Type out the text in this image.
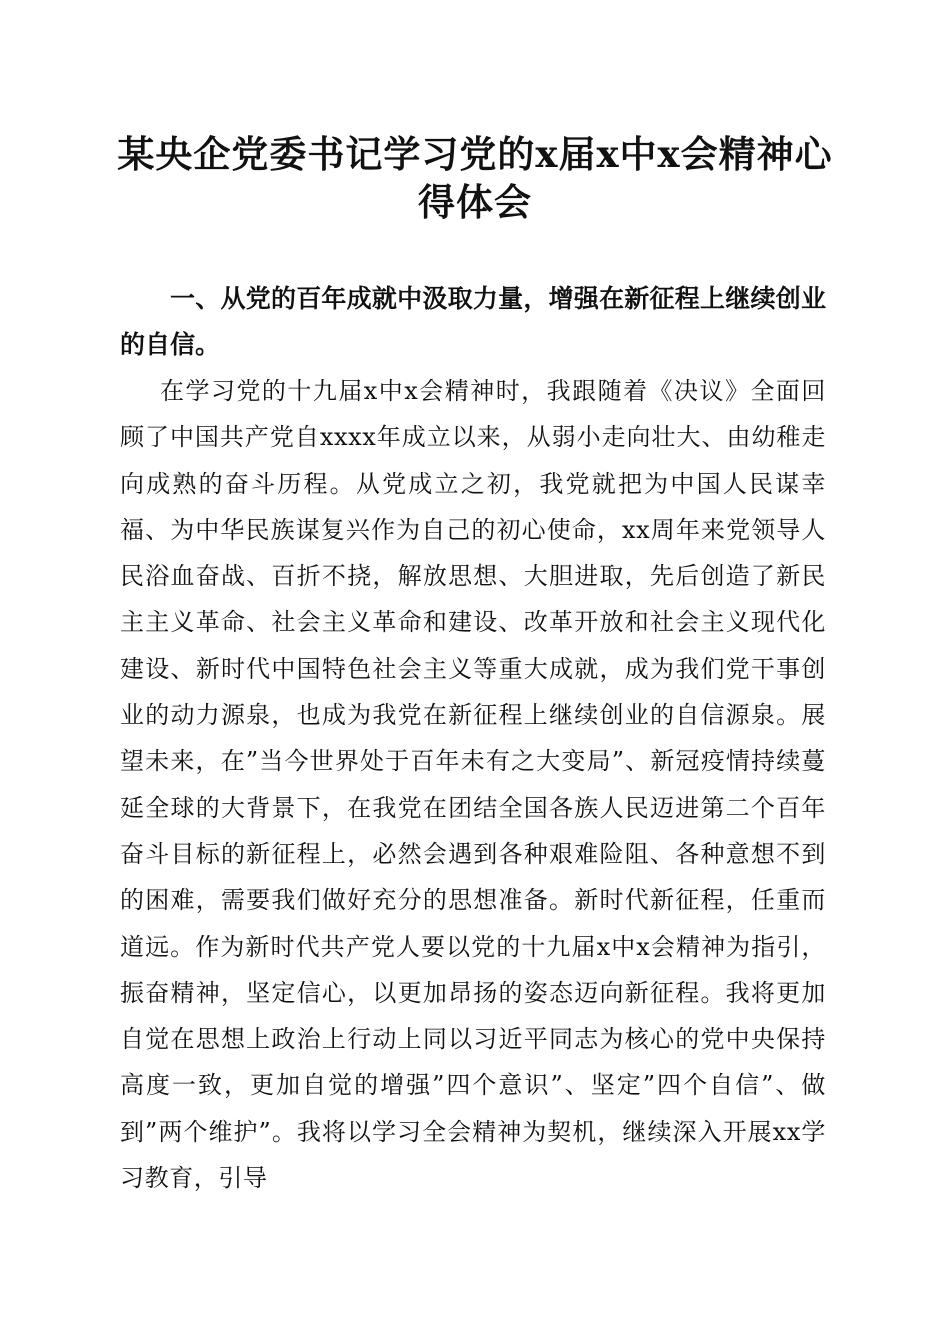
某央企党委书记学习党的x届x中x会精神心得体会

一、从党的百年成就中汲取力量，增强在新征程上继续创业的自信。

在学习党的十九届x中x会精神时，我跟随着《决议》全面回顾了中国共产党自xxxx年成立以来，从弱小走向壮大、由幼稚走向成熟的奋斗历程。从党成立之初，我党就把为中国人民谋幸福、为中华民族谋复兴作为自己的初心使命，xx周年来党领导人民浴血奋战、百折不挠，解放思想、大胆进取，先后创造了新民主主义革命、社会主义革命和建设、改革开放和社会主义现代化建设、新时代中国特色社会主义等重大成就，成为我们党干事创业的动力源泉，也成为我党在新征程上继续创业的自信源泉。展望未来，在”当今世界处于百年未有之大变局”、新冠疫情持续蔓延全球的大背景下，在我党在团结全国各族人民迈进第二个百年奋斗目标的新征程上，必然会遇到各种艰难险阻、各种意想不到的困难，需要我们做好充分的思想准备。新时代新征程，任重而道远。作为新时代共产党人要以党的十九届x中x会精神为指引，振奋精神，坚定信心，以更加昂扬的姿态迈向新征程。我将更加自觉在思想上政治上行动上同以习近平同志为核心的党中央保持高度一致，更加自觉的增强”四个意识”、坚定”四个自信”、做到”两个维护”。我将以学习全会精神为契机，继续深入开展xx学习教育，引导
